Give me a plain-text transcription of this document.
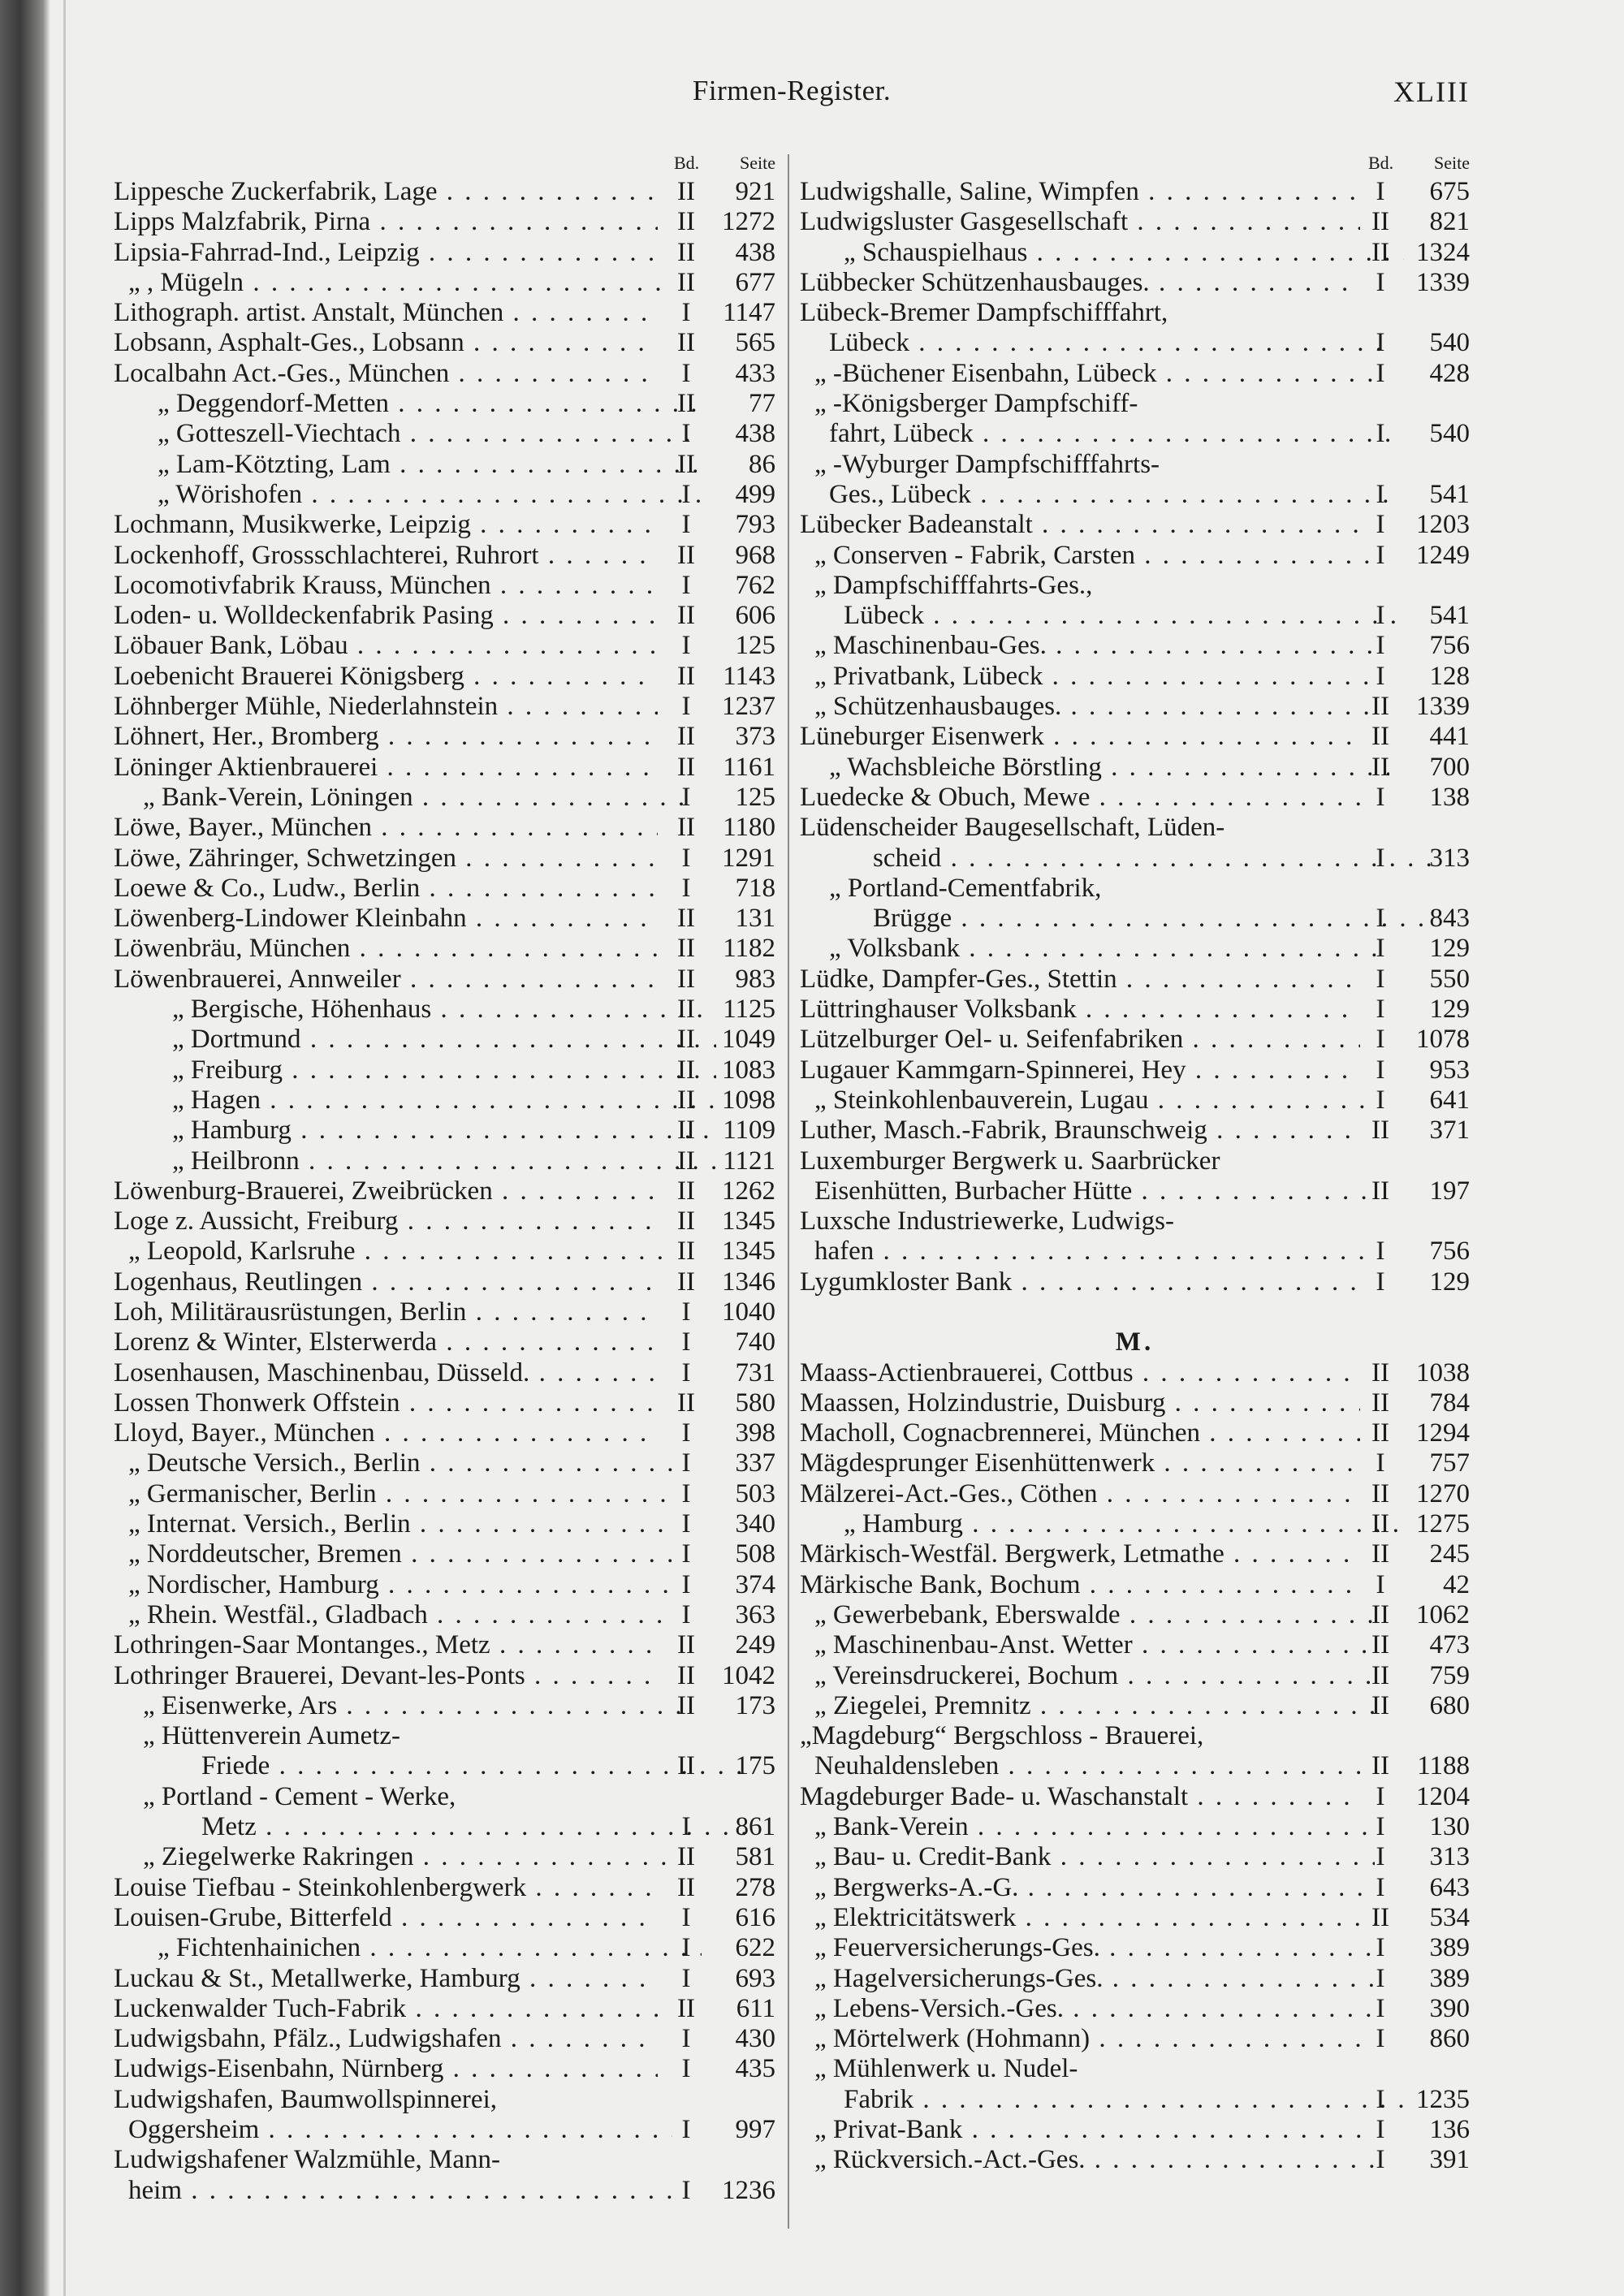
Firmen-Register.	XLIII
Bd. Seite
Lippesche Zuckerfabrik, Lage . . .	II	921
Lipps Malzfabrik, Pirna . . .	II	1272
Lipsia-Fahrrad-Ind., Leipzig . . .	II	438
„ , Mügeln . . .	II	677
Lithograph. artist. Anstalt, München . . .	I	1147
Lobsann, Asphalt-Ges., Lobsann . . .	II	565
Localbahn Act.-Ges., München . . .	I	433
„ Deggendorf-Metten . . .	II	77
„ Gotteszell-Viechtach . . .	I	438
„ Lam-Kötzting, Lam . . .	II	86
„ Wörishofen . . .	I	499
Lochmann, Musikwerke, Leipzig . . .	I	793
Lockenhoff, Grossschlachterei, Ruhrort . . .	II	968
Locomotivfabrik Krauss, München . . .	I	762
Loden- u. Wolldeckenfabrik Pasing . . .	II	606
Löbauer Bank, Löbau . . .	I	125
Loebenicht Brauerei Königsberg . . .	II	1143
Löhnberger Mühle, Niederlahnstein . . .	I	1237
Löhnert, Her., Bromberg . . .	II	373
Löninger Aktienbrauerei . . .	II	1161
„ Bank-Verein, Löningen . . .	I	125
Löwe, Bayer., München . . .	II	1180
Löwe, Zähringer, Schwetzingen . . .	I	1291
Loewe & Co., Ludw., Berlin . . .	I	718
Löwenberg-Lindower Kleinbahn . . .	II	131
Löwenbräu, München . . .	II	1182
Löwenbrauerei, Annweiler . . .	II	983
„ Bergische, Höhenhaus . . .	II	1125
„ Dortmund . . .	II	1049
„ Freiburg . . .	II	1083
„ Hagen . . .	II	1098
„ Hamburg . . .	II	1109
„ Heilbronn . . .	II	1121
Löwenburg-Brauerei, Zweibrücken . . .	II	1262
Loge z. Aussicht, Freiburg . . .	II	1345
„ Leopold, Karlsruhe . . .	II	1345
Logenhaus, Reutlingen . . .	II	1346
Loh, Militärausrüstungen, Berlin . . .	I	1040
Lorenz & Winter, Elsterwerda . . .	I	740
Losenhausen, Maschinenbau, Düsseld. . . .	I	731
Lossen Thonwerk Offstein . . .	II	580
Lloyd, Bayer., München . . .	I	398
„ Deutsche Versich., Berlin . . .	I	337
„ Germanischer, Berlin . . .	I	503
„ Internat. Versich., Berlin . . .	I	340
„ Norddeutscher, Bremen . . .	I	508
„ Nordischer, Hamburg . . .	I	374
„ Rhein. Westfäl., Gladbach . . .	I	363
Lothringen-Saar Montanges., Metz . . .	II	249
Lothringer Brauerei, Devant-les-Ponts . . .	II	1042
„ Eisenwerke, Ars . . .	II	173
„ Hüttenverein Aumetz-
Friede . . .	II	175
„ Portland - Cement - Werke,
Metz . . .	I	861
„ Ziegelwerke Rakringen . . .	II	581
Louise Tiefbau - Steinkohlenbergwerk . . .	II	278
Louisen-Grube, Bitterfeld . . .	I	616
„ Fichtenhainichen . . .	I	622
Luckau & St., Metallwerke, Hamburg . . .	I	693
Luckenwalder Tuch-Fabrik . . .	II	611
Ludwigsbahn, Pfälz., Ludwigshafen . . .	I	430
Ludwigs-Eisenbahn, Nürnberg . . .	I	435
Ludwigshafen, Baumwollspinnerei,
Oggersheim . . .	I	997
Ludwigshafener Walzmühle, Mann-
heim . . .	I	1236
Bd. Seite
Ludwigshalle, Saline, Wimpfen . . .	I	675
Ludwigsluster Gasgesellschaft . . .	II	821
„ Schauspielhaus . . .	II	1324
Lübbecker Schützenhausbauges. . . .	I	1339
Lübeck-Bremer Dampfschifffahrt,
Lübeck . . .	I	540
„ -Büchener Eisenbahn, Lübeck . . .	I	428
„ -Königsberger Dampfschiff-
fahrt, Lübeck . . .	I	540
„ -Wyburger Dampfschifffahrts-
Ges., Lübeck . . .	I	541
Lübecker Badeanstalt . . .	I	1203
„ Conserven - Fabrik, Carsten . . .	I	1249
„ Dampfschifffahrts-Ges.,
Lübeck . . .	I	541
„ Maschinenbau-Ges. . . .	I	756
„ Privatbank, Lübeck . . .	I	128
„ Schützenhausbauges. . . .	II	1339
Lüneburger Eisenwerk . . .	II	441
„ Wachsbleiche Börstling . . .	II	700
Luedecke & Obuch, Mewe . . .	I	138
Lüdenscheider Baugesellschaft, Lüden-
scheid . . .	I	313
„ Portland-Cementfabrik,
Brügge . . .	I	843
„ Volksbank . . .	I	129
Lüdke, Dampfer-Ges., Stettin . . .	I	550
Lüttringhauser Volksbank . . .	I	129
Lützelburger Oel- u. Seifenfabriken . . .	I	1078
Lugauer Kammgarn-Spinnerei, Hey . . .	I	953
„ Steinkohlenbauverein, Lugau . . .	I	641
Luther, Masch.-Fabrik, Braunschweig . . .	II	371
Luxemburger Bergwerk u. Saarbrücker
Eisenhütten, Burbacher Hütte . . .	II	197
Luxsche Industriewerke, Ludwigs-
hafen . . .	I	756
Lygumkloster Bank . . .	I	129
M.
Maass-Actienbrauerei, Cottbus . . .	II	1038
Maassen, Holzindustrie, Duisburg . . .	II	784
Macholl, Cognacbrennerei, München . . .	II	1294
Mägdesprunger Eisenhüttenwerk . . .	I	757
Mälzerei-Act.-Ges., Cöthen . . .	II	1270
„ Hamburg . . .	II	1275
Märkisch-Westfäl. Bergwerk, Letmathe . . .	II	245
Märkische Bank, Bochum . . .	I	42
„ Gewerbebank, Eberswalde . . .	II	1062
„ Maschinenbau-Anst. Wetter . . .	II	473
„ Vereinsdruckerei, Bochum . . .	II	759
„ Ziegelei, Premnitz . . .	II	680
„Magdeburg“ Bergschloss - Brauerei,
Neuhaldensleben . . .	II	1188
Magdeburger Bade- u. Waschanstalt . . .	I	1204
„ Bank-Verein . . .	I	130
„ Bau- u. Credit-Bank . . .	I	313
„ Bergwerks-A.-G. . . .	I	643
„ Elektricitätswerk . . .	II	534
„ Feuerversicherungs-Ges. . . .	I	389
„ Hagelversicherungs-Ges. . . .	I	389
„ Lebens-Versich.-Ges. . . .	I	390
„ Mörtelwerk (Hohmann) . . .	I	860
„ Mühlenwerk u. Nudel-
Fabrik . . .	I	1235
„ Privat-Bank . . .	I	136
„ Rückversich.-Act.-Ges. . . .	I	391
